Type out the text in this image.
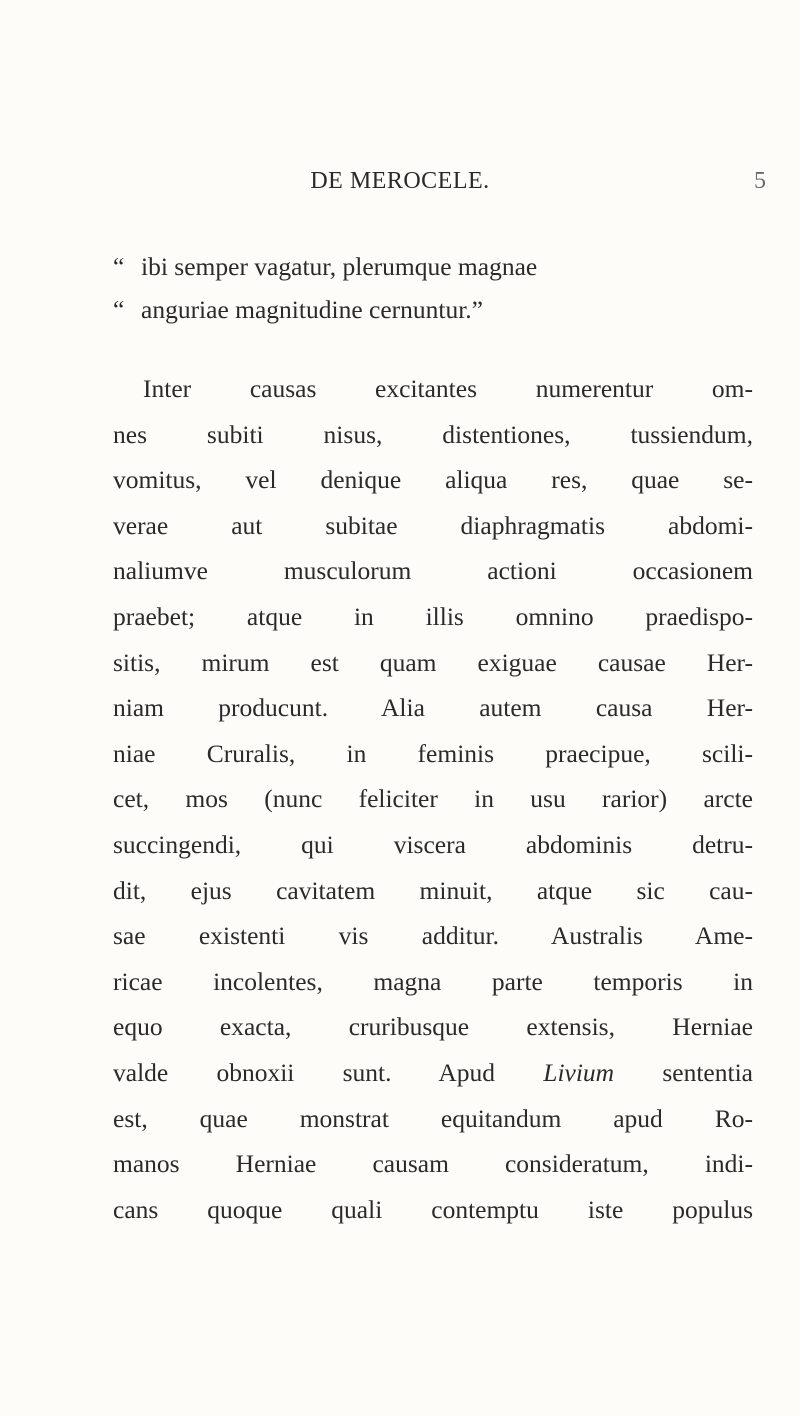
DE MEROCELE.	5
“ ibi semper vagatur, plerumque magnae
“ anguriae magnitudine cernuntur.”
Inter causas excitantes numerentur om-
nes subiti nisus, distentiones, tussiendum,
vomitus, vel denique aliqua res, quae se-
verae aut subitae diaphragmatis abdomi-
naliumve musculorum actioni occasionem
praebet; atque in illis omnino praedispo-
sitis, mirum est quam exiguae causae Her-
niam producunt. Alia autem causa Her-
niae Cruralis, in feminis praecipue, scili-
cet, mos (nunc feliciter in usu rarior) arcte
succingendi, qui viscera abdominis detru-
dit, ejus cavitatem minuit, atque sic cau-
sae existenti vis additur. Australis Ame-
ricae incolentes, magna parte temporis in
equo exacta, cruribusque extensis, Herniae
valde obnoxii sunt. Apud Livium sententia
est, quae monstrat equitandum apud Ro-
manos Herniae causam consideratum, indi-
cans quoque quali contemptu iste populus
